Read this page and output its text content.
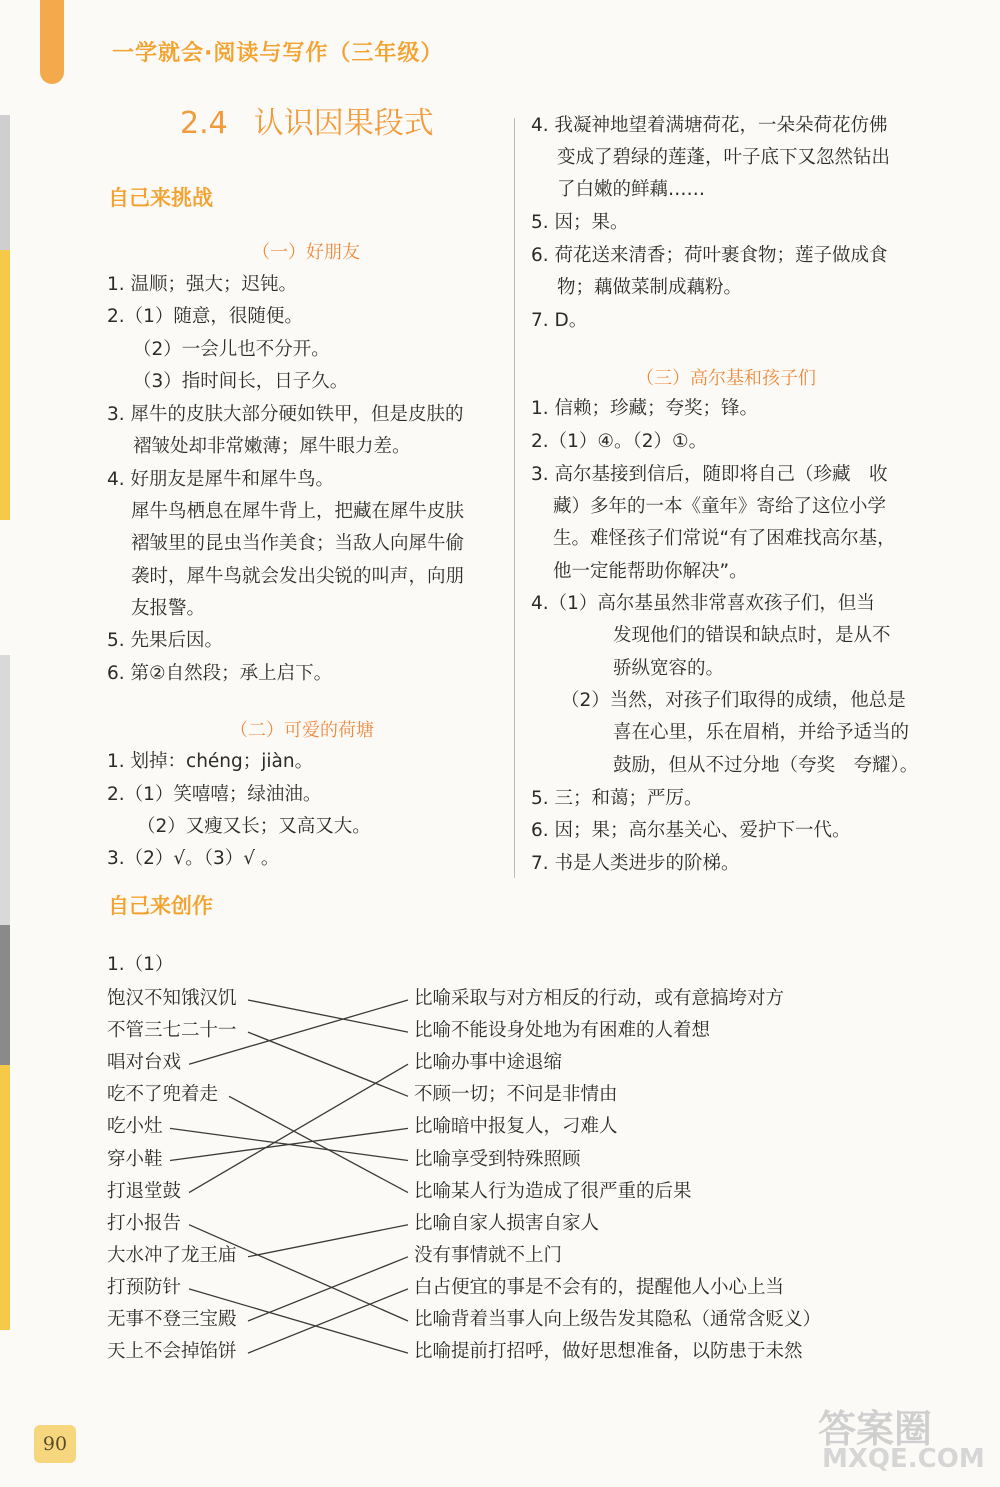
一学就会·阅读与写作（三年级）
2.4 认识因果段式
自己来挑战
自己来创作
（一）好朋友
1. 温顺；强大；迟钝。
2.（1）随意，很随便。
（2）一会儿也不分开。
（3）指时间长，日子久。
3. 犀牛的皮肤大部分硬如铁甲，但是皮肤的
褶皱处却非常嫩薄；犀牛眼力差。
4. 好朋友是犀牛和犀牛鸟。
犀牛鸟栖息在犀牛背上，把藏在犀牛皮肤
褶皱里的昆虫当作美食；当敌人向犀牛偷
袭时，犀牛鸟就会发出尖锐的叫声，向朋
友报警。
5. 先果后因。
6. 第②自然段；承上启下。
（二）可爱的荷塘
1. 划掉：chéng；jiàn。
2.（1）笑嘻嘻；绿油油。
（2）又瘦又长；又高又大。
3.（2）√。（3）√ 。
4. 我凝神地望着满塘荷花，一朵朵荷花仿佛
变成了碧绿的莲蓬，叶子底下又忽然钻出
了白嫩的鲜藕……
5. 因；果。
6. 荷花送来清香；荷叶裹食物；莲子做成食
物；藕做菜制成藕粉。
7. D。
（三）高尔基和孩子们
1. 信赖；珍藏；夸奖；锋。
2.（1）④。（2）①。
3. 高尔基接到信后，随即将自己（珍藏　收
藏）多年的一本《童年》寄给了这位小学
生。难怪孩子们常说“有了困难找高尔基，
他一定能帮助你解决”。
4.（1）高尔基虽然非常喜欢孩子们，但当
发现他们的错误和缺点时，是从不
骄纵宽容的。
（2）当然，对孩子们取得的成绩，他总是
喜在心里，乐在眉梢，并给予适当的
鼓励，但从不过分地（夸奖　夸耀）。
5. 三；和蔼；严厉。
6. 因；果；高尔基关心、爱护下一代。
7. 书是人类进步的阶梯。
1.（1）
饱汉不知饿汉饥
不管三七二十一
唱对台戏
吃不了兜着走
吃小灶
穿小鞋
打退堂鼓
打小报告
大水冲了龙王庙
打预防针
无事不登三宝殿
天上不会掉馅饼
比喻采取与对方相反的行动，或有意搞垮对方
比喻不能设身处地为有困难的人着想
比喻办事中途退缩
不顾一切；不问是非情由
比喻暗中报复人，刁难人
比喻享受到特殊照顾
比喻某人行为造成了很严重的后果
比喻自家人损害自家人
没有事情就不上门
白占便宜的事是不会有的，提醒他人小心上当
比喻背着当事人向上级告发其隐私（通常含贬义）
比喻提前打招呼，做好思想准备，以防患于未然
90	答案圈
MXQE.COM
